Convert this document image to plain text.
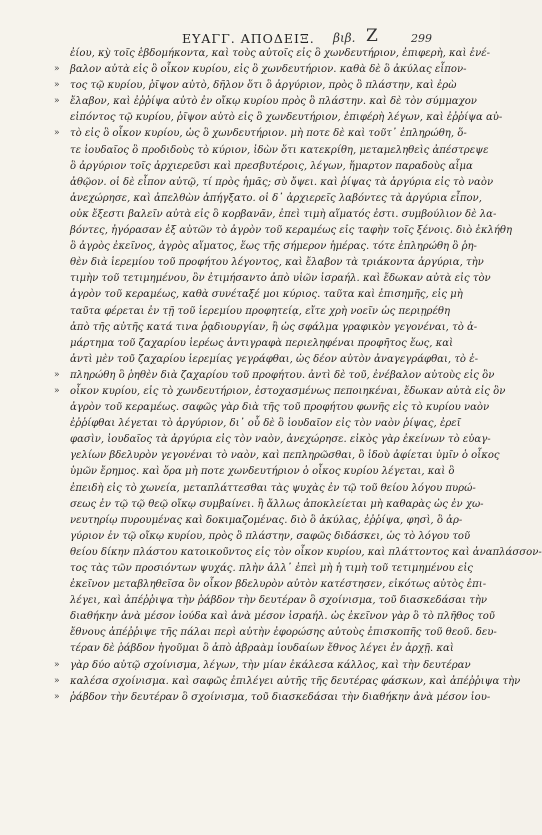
ΕΥΑΓΓ. ΑΠΟΔΕΙΞ. βιβ. Ζ	299
ἐίου, κỳ τοῖς ἑβδομήκοντα, καὶ τοὺς αὐτοῖς εἰς ὃ χωνδευτήριον, ἐπιφερὴ, καὶ ἐνέ-
» βαλον αὐτὰ εἰς ὃ οἶκον κυρίου, εἰς ὃ χωνδευτήριον. καθὰ δὲ ὃ ἀκύλας εἶπον-
» τος τῷ κυρίου, ῥῖψον αὐτὸ, δῆλον ὅτι ὃ ἀργύριον, πρὸς ὃ πλάστην, καὶ ἐρὼ
» ἔλαβον, καὶ ἐῤῥίψα αὐτὸ ἐν οἴκῳ κυρίου πρὸς ὃ πλάστην. καὶ δὲ τὸν σύμμαχον
εἰπόντος τῷ κυρίου, ῥῖψον αὐτὸ εἰς ὃ χωνδευτήριον, ἐπιφέρὴ λέγων, καὶ ἐῤῥίψα αὐ-
» τὸ εἰς ὃ οἶκον κυρίου, ὡς ὃ χωνδευτήριον. μὴ ποτε δὲ καὶ τοῦτ᾽ ἐπληρώθη, ὅ-
τε ἰουδαῖος ὃ προδιδοὺς τὸ κύριον, ἰδὼν ὅτι κατεκρίθη, μεταμεληθεὶς ἀπέστρεψε
ὃ ἀργύριον τοῖς ἀρχιερεῦσι καὶ πρεσβυτέροις, λέγων, ἥμαρτον παραδοὺς αἷμα
ἀθῷον. οἱ δὲ εἶπον αὐτῷ, τί πρὸς ἡμᾶς; σὺ ὄψει. καὶ ῥίψας τὰ ἀργύρια εἰς τὸ ναὸν
ἀνεχώρησε, καὶ ἀπελθὼν ἀπήγξατο. οἱ δ᾽ ἀρχιερεῖς λαβόντες τὰ ἀργύρια εἶπον,
οὐκ ἔξεστι βαλεῖν αὐτὰ εἰς ὃ κορβανᾶν, ἐπεὶ τιμὴ αἵματός ἐστι. συμβούλιον δὲ λα-
βόντες, ἠγόρασαν ἐξ αὐτῶν τὸ ἀγρὸν τοῦ κεραμέως εἰς ταφὴν τοῖς ξένοις. διὸ ἐκλήθη
ὃ ἀγρὸς ἐκεῖνος, ἀγρὸς αἵματος, ἕως τῆς σήμερον ἡμέρας. τότε ἐπληρώθη ὃ ῥη-
θὲν διὰ ἱερεμίου τοῦ προφήτου λέγοντος, καὶ ἔλαβον τὰ τριάκοντα ἀργύρια, τὴν
τιμὴν τοῦ τετιμημένου, ὃν ἐτιμήσαντο ἀπὸ υἱῶν ἰσραήλ. καὶ ἔδωκαν αὐτὰ εἰς τὸν
ἀγρὸν τοῦ κεραμέως, καθὰ συνέταξέ μοι κύριος. ταῦτα καὶ ἐπισημῆς, εἰς μὴ
ταῦτα φέρεται ἐν τῇ τοῦ ἱερεμίου προφητείᾳ, εἴτε χρὴ νοεῖν ὡς περιῃρέθη
ἀπὸ τῆς αὐτῆς κατά τινα ῥᾳδιουργίαν, ἢ ὡς σφάλμα γραφικὸν γεγονέναι, τὸ ἀ-
μάρτημα τοῦ ζαχαρίου ἱερέως ἀντιγραφὰ περιεληφέναι προφῆτος ἕως, καὶ
ἀντὶ μὲν τοῦ ζαχαρίου ἱερεμίας γεγράφθαι, ὡς δέον αὐτὸν ἀναγεγράφθαι, τὸ ἐ-
» πληρώθη ὃ ῥηθὲν διὰ ζαχαρίου τοῦ προφήτου. ἀντὶ δὲ τοῦ, ἐνέβαλον αὐτοὺς εἰς ὃν
» οἶκον κυρίου, εἰς τὸ χωνδευτήριον, ἐστοχασμένως πεποιηκέναι, ἔδωκαν αὐτὰ εἰς ὃν
ἀγρὸν τοῦ κεραμέως. σαφῶς γὰρ διὰ τῆς τοῦ προφήτου φωνῆς εἰς τὸ κυρίου ναὸν
ἐῤῥίφθαι λέγεται τὸ ἀργύριον, δι᾽ οὗ δὲ ὃ ἰουδαῖον εἰς τὸν ναὸν ῥίψας, ἐρεῖ
φασὶν, ἰουδαῖος τὰ ἀργύρια εἰς τὸν ναὸν, ἀνεχώρησε. εἰκὸς γὰρ ἐκείνων τὸ εὐαγ-
γελίων βδελυρὸν γεγονέναι τὸ ναὸν, καὶ πεπληρῶσθαι, ὃ ἰδοὺ ἀφίεται ὑμῖν ὁ οἶκος
ὑμῶν ἔρημος. καὶ ὅρα μὴ ποτε χωνδευτήριον ὁ οἶκος κυρίου λέγεται, καὶ ὃ
ἐπειδὴ εἰς τὸ χωνεία, μεταπλάττεσθαι τὰς ψυχὰς ἐν τῷ τοῦ θείου λόγου πυρώ-
σεως ἐν τῷ τῷ θεῷ οἴκῳ συμβαίνει. ἢ ἄλλως ἀποκλείεται μὴ καθαρὰς ὡς ἐν χω-
νευτηρίῳ πυρουμένας καὶ δοκιμαζομένας. διὸ ὃ ἀκύλας, ἐῤῥίψα, φησὶ, ὃ ἀρ-
γύριον ἐν τῷ οἴκῳ κυρίου, πρὸς ὃ πλάστην, σαφῶς διδάσκει, ὡς τὸ λόγου τοῦ
θείου δίκην πλάστου κατοικοῦντος εἰς τὸν οἶκον κυρίου, καὶ πλάττοντος καὶ ἀναπλάσσον-
τος τὰς τῶν προσιόντων ψυχάς. πλὴν ἀλλ᾽ ἐπεὶ μὴ ἡ τιμὴ τοῦ τετιμημένου εἰς
ἐκεῖνον μεταβληθεῖσα ὃν οἶκον βδελυρὸν αὐτὸν κατέστησεν, εἰκότως αὐτὸς ἐπι-
λέγει, καὶ ἀπέῤῥιψα τὴν ῥάβδον τὴν δευτέραν ὃ σχοίνισμα, τοῦ διασκεδάσαι τὴν
διαθήκην ἀνὰ μέσον ἰούδα καὶ ἀνὰ μέσον ἰσραήλ. ὡς ἐκεῖνον γὰρ ὃ τὸ πλῆθος τοῦ
ἔθνους ἀπέῤῥιψε τῆς πάλαι περὶ αὐτὴν ἐφορώσης αὐτοὺς ἐπισκοπῆς τοῦ θεοῦ. δευ-
τέραν δὲ ῥάβδον ἡγοῦμαι ὃ ἀπὸ ἀβραὰμ ἰουδαίων ἔθνος λέγει ἐν ἀρχῇ. καὶ
» γὰρ δύο αὐτῷ σχοίνισμα, λέγων, τὴν μίαν ἐκάλεσα κάλλος, καὶ τὴν δευτέραν
» καλέσα σχοίνισμα. καὶ σαφῶς ἐπιλέγει αὐτῆς τῆς δευτέρας φάσκων, καὶ ἀπέῤῥιψα τὴν
» ῥάβδον τὴν δευτέραν ὃ σχοίνισμα, τοῦ διασκεδάσαι τὴν διαθήκην ἀνὰ μέσον ἰου-
